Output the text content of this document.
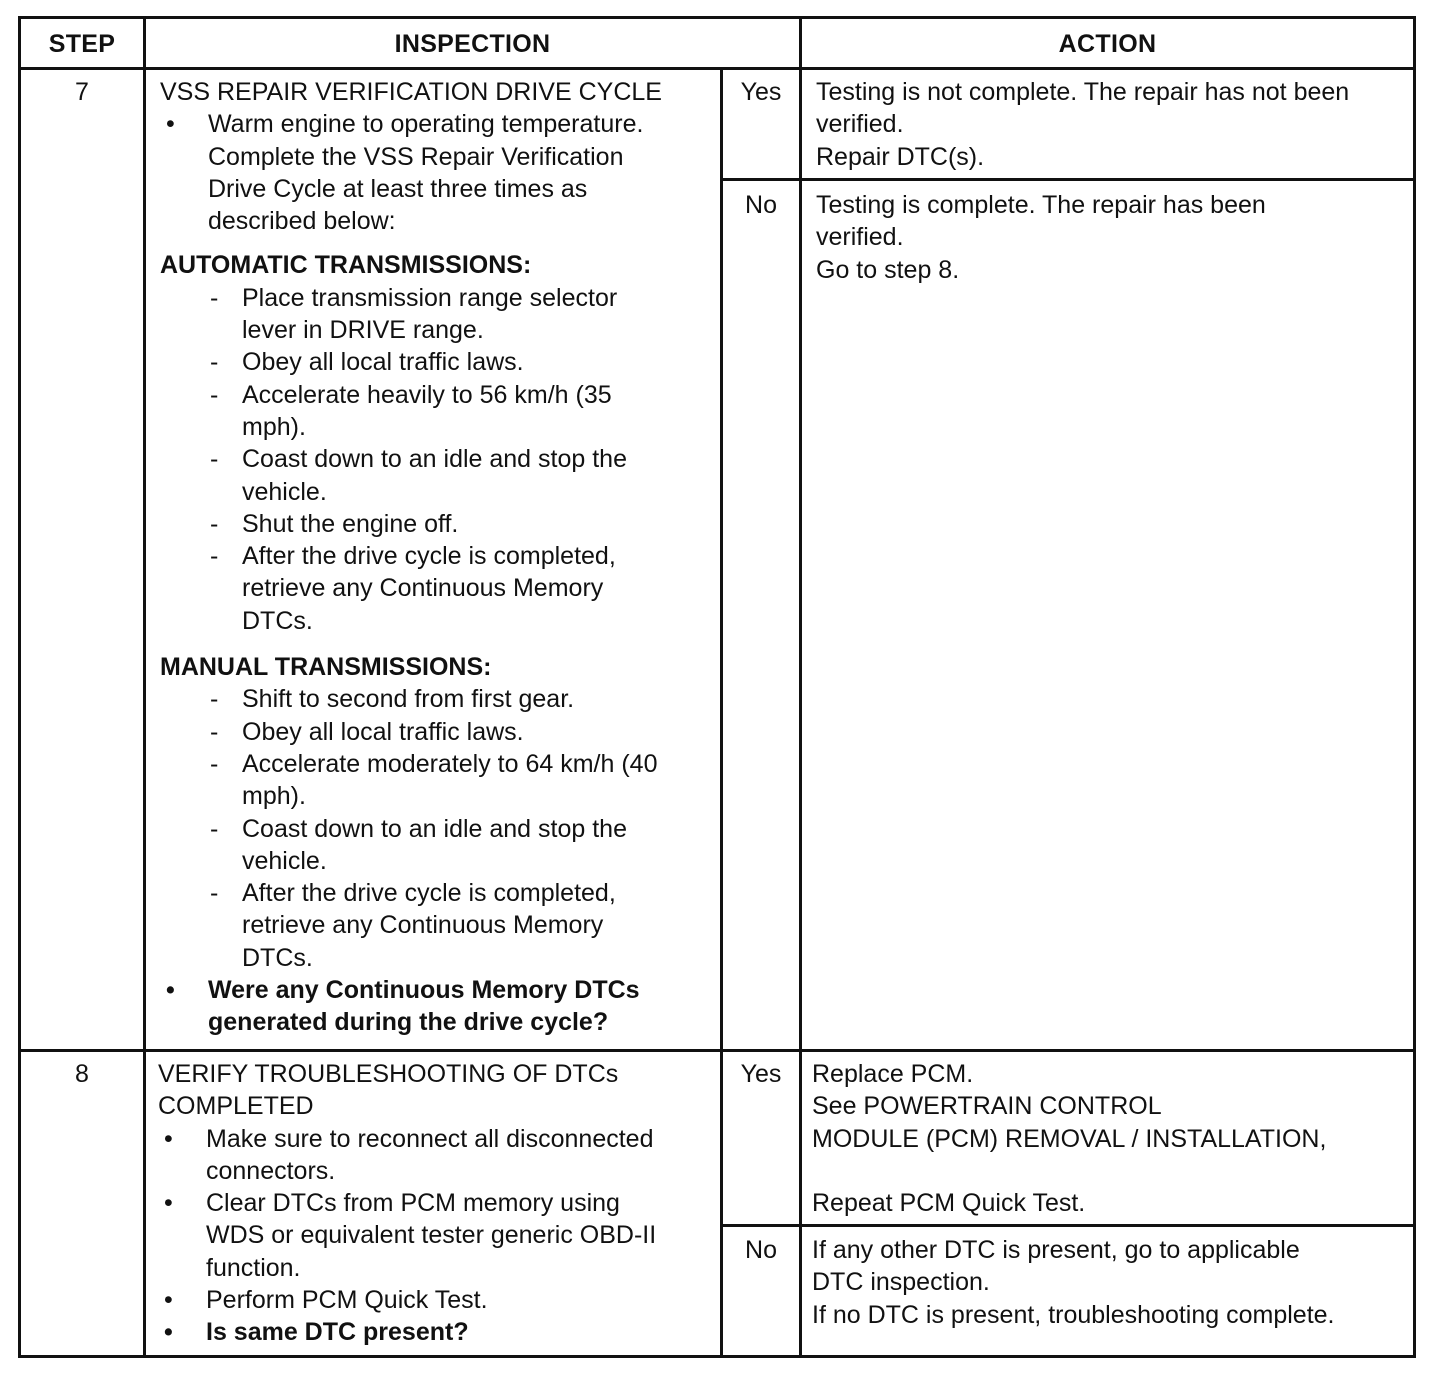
STEP	INSPECTION	ACTION
7	VSS REPAIR VERIFICATION DRIVE CYCLE
• Warm engine to operating temperature.
Complete the VSS Repair Verification
Drive Cycle at least three times as
described below:
AUTOMATIC TRANSMISSIONS:
- Place transmission range selector
lever in DRIVE range.
- Obey all local traffic laws.
- Accelerate heavily to 56 km/h (35
mph).
- Coast down to an idle and stop the
vehicle.
- Shut the engine off.
- After the drive cycle is completed,
retrieve any Continuous Memory
DTCs.
MANUAL TRANSMISSIONS:
- Shift to second from first gear.
- Obey all local traffic laws.
- Accelerate moderately to 64 km/h (40
mph).
- Coast down to an idle and stop the
vehicle.
- After the drive cycle is completed,
retrieve any Continuous Memory
DTCs.
• Were any Continuous Memory DTCs
generated during the drive cycle?
Yes	Testing is not complete. The repair has not been
verified.
Repair DTC(s).
No	Testing is complete. The repair has been
verified.
Go to step 8.
8	VERIFY TROUBLESHOOTING OF DTCs
COMPLETED
• Make sure to reconnect all disconnected
connectors.
• Clear DTCs from PCM memory using
WDS or equivalent tester generic OBD-II
function.
• Perform PCM Quick Test.
• Is same DTC present?
Yes	Replace PCM.
See POWERTRAIN CONTROL
MODULE (PCM) REMOVAL / INSTALLATION,
Repeat PCM Quick Test.
No	If any other DTC is present, go to applicable
DTC inspection.
If no DTC is present, troubleshooting complete.
